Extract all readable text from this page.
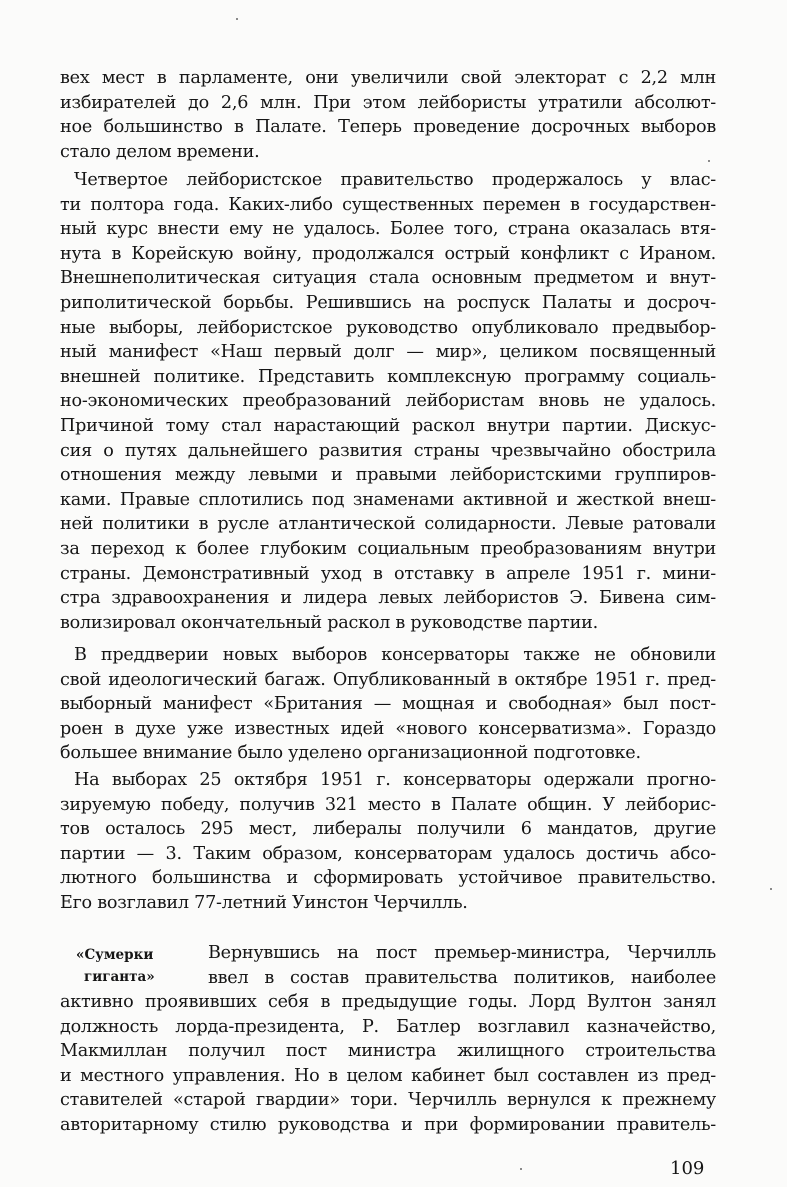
вех мест в парламенте, они увеличили свой электорат с 2,2 млн
избирателей до 2,6 млн. При этом лейбористы утратили абсолют-
ное большинство в Палате. Теперь проведение досрочных выборов
стало делом времени.
Четвертое лейбористское правительство продержалось у влас-
ти полтора года. Каких-либо существенных перемен в государствен-
ный курс внести ему не удалось. Более того, страна оказалась втя-
нута в Корейскую войну, продолжался острый конфликт с Ираном.
Внешнеполитическая ситуация стала основным предметом и внут-
риполитической борьбы. Решившись на роспуск Палаты и досроч-
ные выборы, лейбористское руководство опубликовало предвыбор-
ный манифест «Наш первый долг — мир», целиком посвященный
внешней политике. Представить комплексную программу социаль-
но-экономических преобразований лейбористам вновь не удалось.
Причиной тому стал нарастающий раскол внутри партии. Дискус-
сия о путях дальнейшего развития страны чрезвычайно обострила
отношения между левыми и правыми лейбористскими группиров-
ками. Правые сплотились под знаменами активной и жесткой внеш-
ней политики в русле атлантической солидарности. Левые ратовали
за переход к более глубоким социальным преобразованиям внутри
страны. Демонстративный уход в отставку в апреле 1951 г. мини-
стра здравоохранения и лидера левых лейбористов Э. Бивена сим-
волизировал окончательный раскол в руководстве партии.
В преддверии новых выборов консерваторы также не обновили
свой идеологический багаж. Опубликованный в октябре 1951 г. пред-
выборный манифест «Британия — мощная и свободная» был пост-
роен в духе уже известных идей «нового консерватизма». Гораздо
большее внимание было уделено организационной подготовке.
На выборах 25 октября 1951 г. консерваторы одержали прогно-
зируемую победу, получив 321 место в Палате общин. У лейборис-
тов осталось 295 мест, либералы получили 6 мандатов, другие
партии — 3. Таким образом, консерваторам удалось достичь абсо-
лютного большинства и сформировать устойчивое правительство.
Его возглавил 77-летний Уинстон Черчилль.
«Сумерки
гиганта»
Вернувшись на пост премьер-министра, Черчилль
ввел в состав правительства политиков, наиболее
активно проявивших себя в предыдущие годы. Лорд Вултон занял
должность лорда-президента, Р. Батлер возглавил казначейство,
Макмиллан получил пост министра жилищного строительства
и местного управления. Но в целом кабинет был составлен из пред-
ставителей «старой гвардии» тори. Черчилль вернулся к прежнему
авторитарному стилю руководства и при формировании правитель-
109
